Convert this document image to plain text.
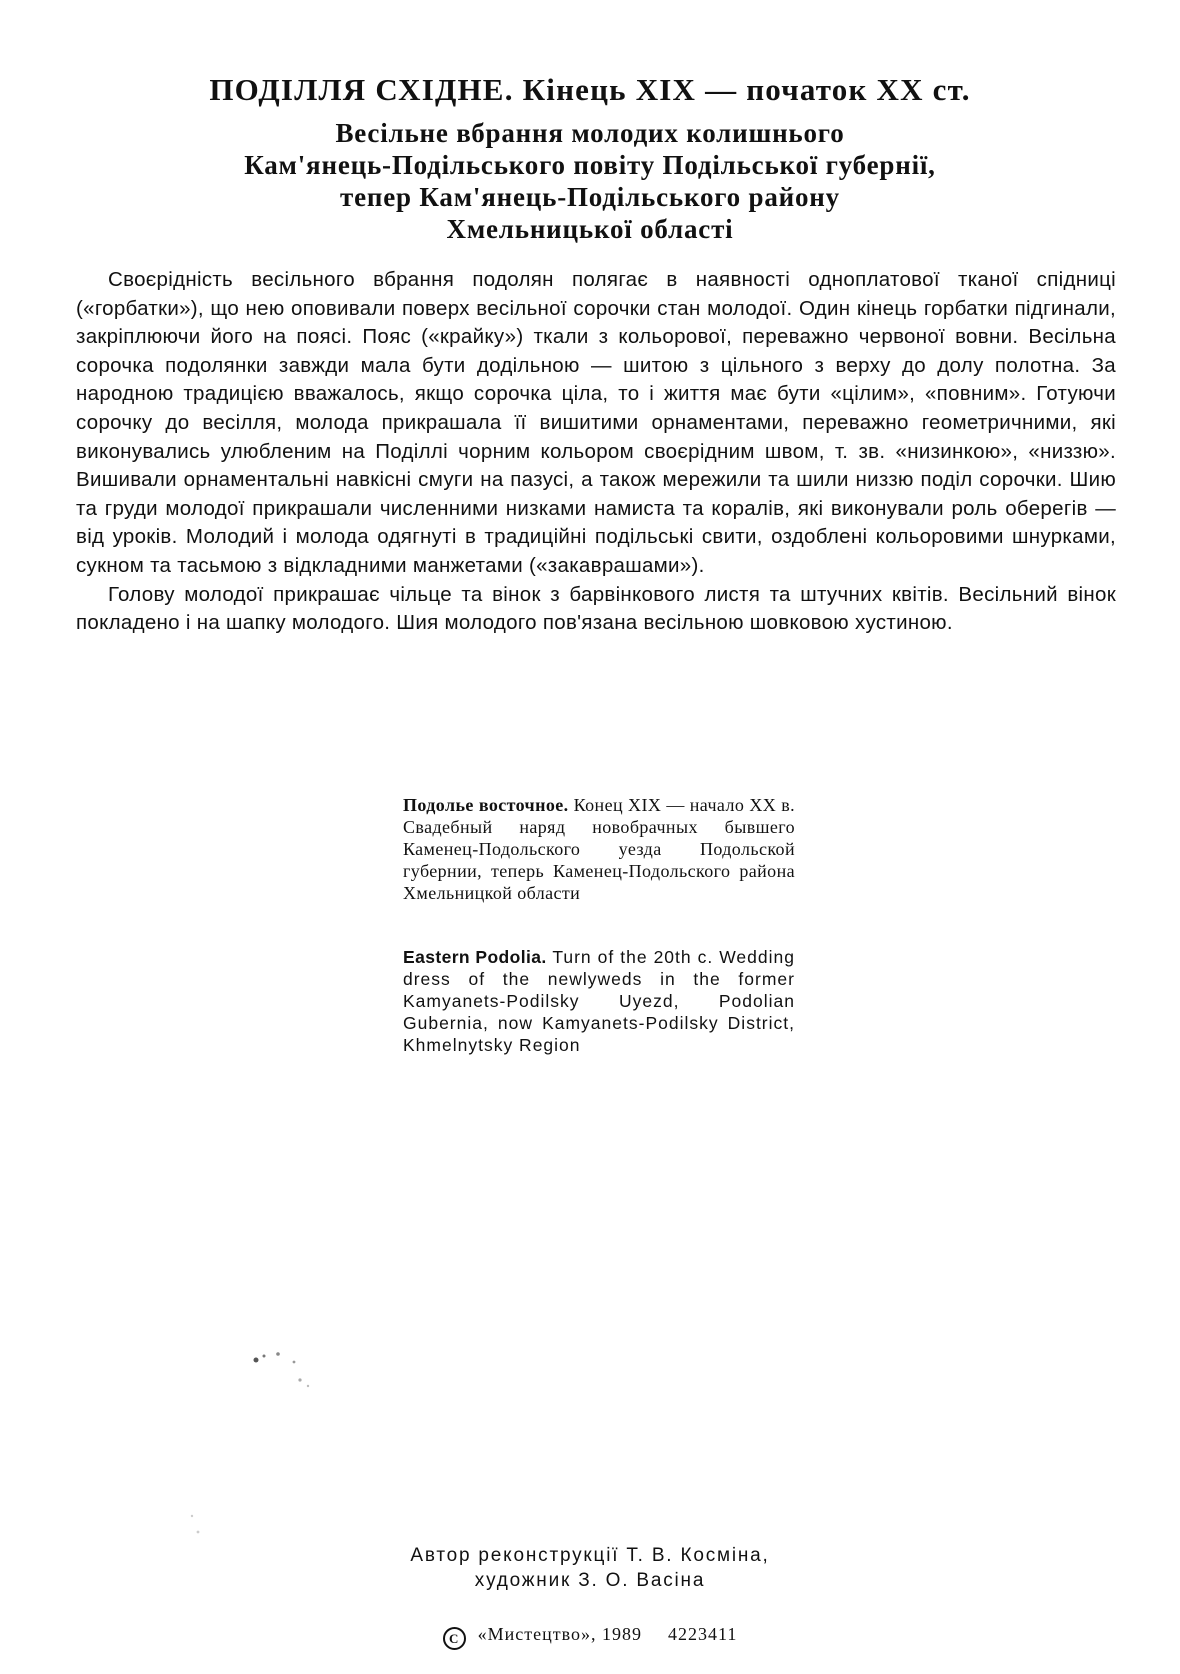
ПОДІЛЛЯ СХІДНЕ. Кінець XIX — початок XX ст.
Весільне вбрання молодих колишнього
Кам'янець-Подільського повіту Подільської губернії,
тепер Кам'янець-Подільського району
Хмельницької області

Своєрідність весільного вбрання подолян полягає в наявності одноплатової тканої спідниці («горбатки»), що нею оповивали поверх весільної сорочки стан молодої. Один кінець горбатки підгинали, закріплюючи його на поясі. Пояс («крайку») ткали з кольорової, переважно червоної вовни. Весільна сорочка подолянки завжди мала бути додільною — шитою з цільного з верху до долу полотна. За народною традицією вважалось, якщо сорочка ціла, то і життя має бути «цілим», «повним». Готуючи сорочку до весілля, молода прикрашала її вишитими орнаментами, переважно геометричними, які виконувались улюбленим на Поділлі чорним кольором своєрідним швом, т. зв. «низинкою», «низзю». Вишивали орнаментальні навкісні смуги на пазусі, а також мережили та шили низзю поділ сорочки. Шию та груди молодої прикрашали численними низками намиста та коралів, які виконували роль оберегів — від уроків. Молодий і молода одягнуті в традиційні подільські свити, оздоблені кольоровими шнурками, сукном та тасьмою з відкладними манжетами («закаврашами»).

Голову молодої прикрашає чільце та вінок з барвінкового листя та штучних квітів. Весільний вінок покладено і на шапку молодого. Шия молодого пов'язана весільною шовковою хустиною.

Подолье восточное. Конец XIX — начало XX в. Свадебный наряд новобрачных бывшего Каменец-Подольского уезда Подольской губернии, теперь Каменец-Подольского района Хмельницкой области
Eastern Podolia. Turn of the 20th c. Wedding dress of the newlyweds in the former Kamyanets-Podilsky Uyezd, Podolian Gubernia, now Kamyanets-Podilsky District, Khmelnytsky Region
Автор реконструкції Т. В. Косміна,
художник З. О. Васіна
C «Мистецтво», 1989 4223411
